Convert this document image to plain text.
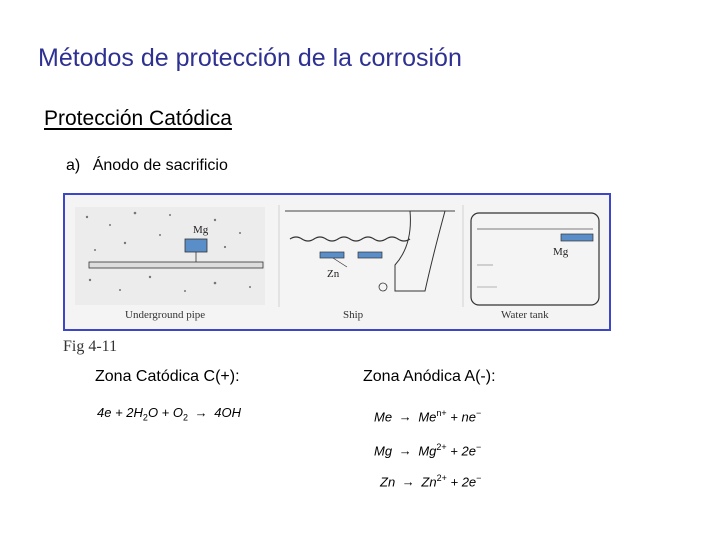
Métodos de protección de la corrosión
Protección Catódica
a) Ánodo de sacrificio
Mg
Underground pipe
Zn
Ship
Mg
Water tank
Fig 4-11
Zona Catódica C(+):	Zona Anódica A(-):
$4e + 2H_2O + O_2 \to 4OH$	$Me \to Me^{n+} + ne^-$
$Mg \to Mg^{2+} + 2e^-$
$Zn \to Zn^{2+} + 2e^-$
